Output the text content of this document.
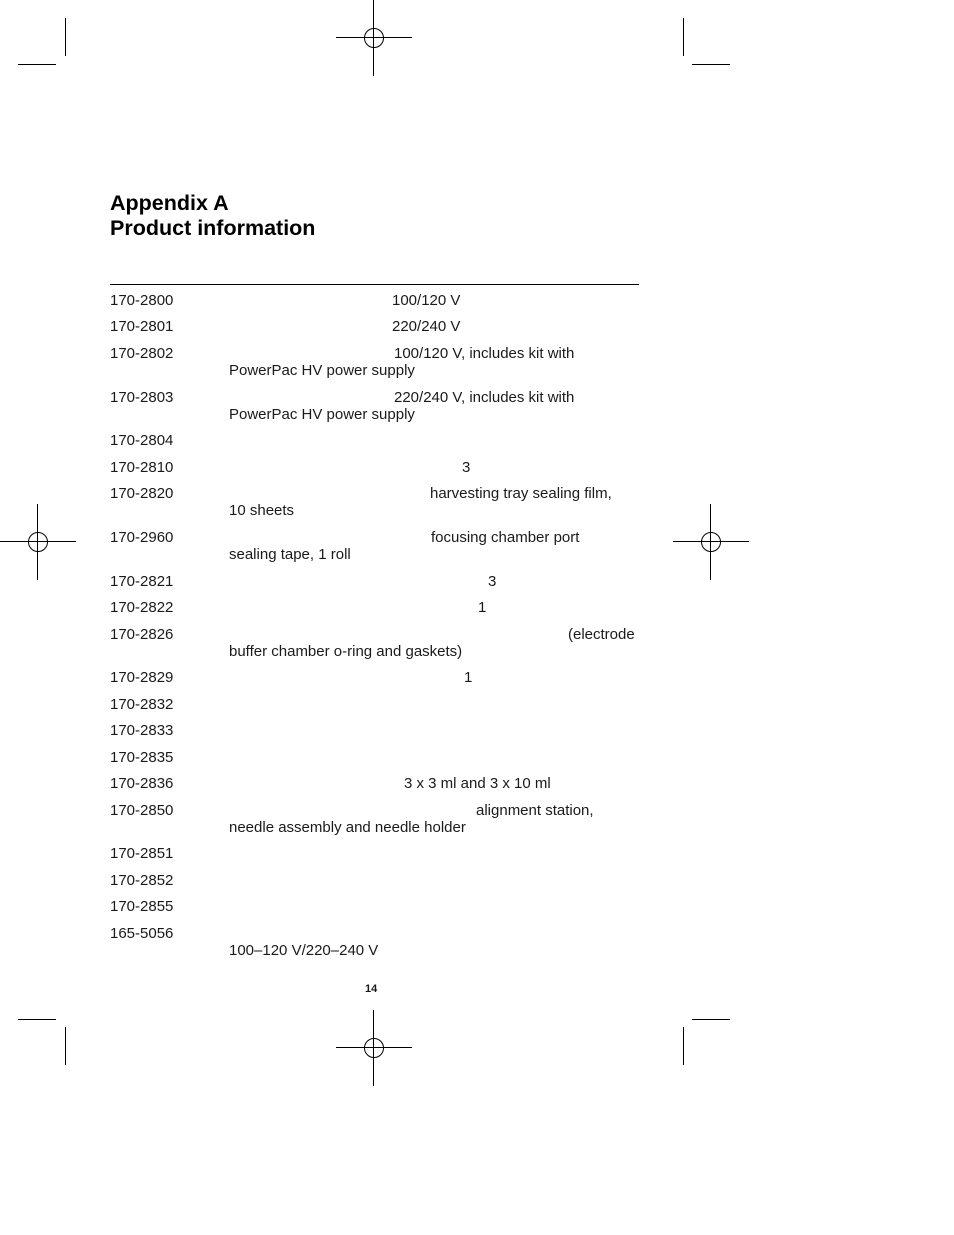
Appendix A
Product information
170-2800	100/120 V
170-2801	220/240 V
170-2802	100/120 V, includes kit with
PowerPac HV power supply
170-2803	220/240 V, includes kit with
PowerPac HV power supply
170-2804
170-2810	3
170-2820	harvesting tray sealing film,
10 sheets
170-2960	focusing chamber port
sealing tape, 1 roll
170-2821	3
170-2822	1
170-2826	(electrode
buffer chamber o-ring and gaskets)
170-2829	1
170-2832
170-2833
170-2835
170-2836	3 x 3 ml and 3 x 10 ml
170-2850	alignment station,
needle assembly and needle holder
170-2851
170-2852
170-2855
165-5056
100–120 V/220–240 V
14
